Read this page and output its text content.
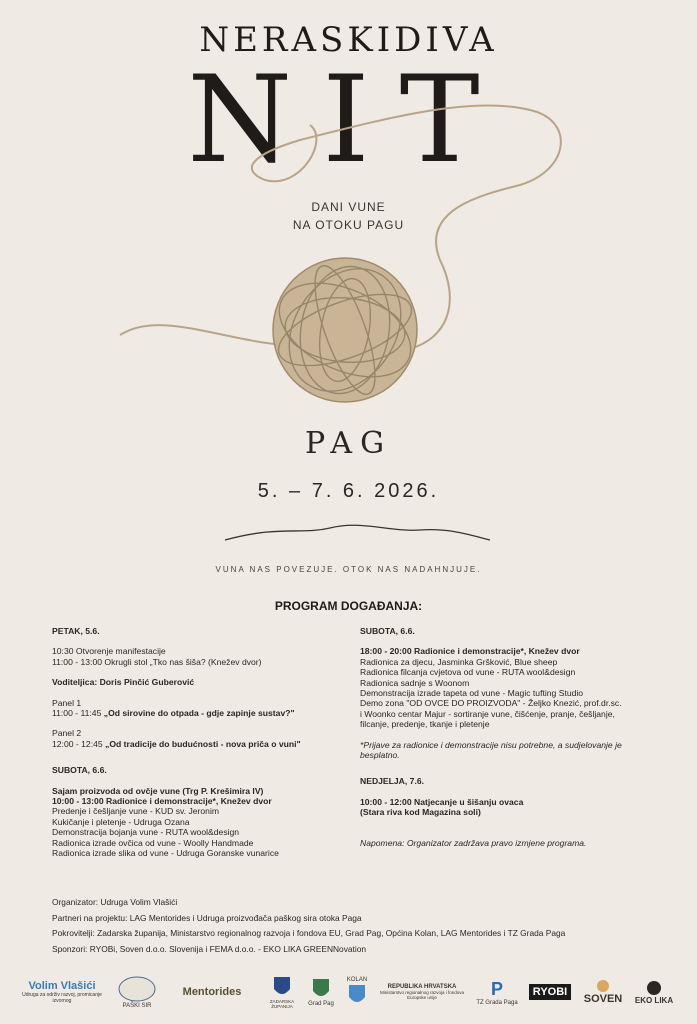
NERASKIDIVA
NIT
DANI VUNE
NA OTOKU PAGU
PAG
5. – 7. 6. 2026.
VUNA NAS POVEZUJE. OTOK NAS NADAHNJUJE.
PROGRAM DOGAĐANJA:
PETAK, 5.6.
10:30 Otvorenje manifestacije
11:00 - 13:00 Okrugli stol „Tko nas šiša? (Knežev dvor)
Voditeljica: Doris Pinčić Guberović
Panel 1
11:00 - 11:45 „Od sirovine do otpada - gdje zapinje sustav?"
Panel 2
12:00 - 12:45 „Od tradicije do budućnosti - nova priča o vuni"
SUBOTA, 6.6.
Sajam proizvoda od ovčje vune (Trg P. Krešimira IV)
10:00 - 13:00 Radionice i demonstracije*, Knežev dvor
Predenje i češljanje vune - KUD sv. Jeronim
Kukičanje i pletenje - Udruga Ozana
Demonstracija bojanja vune - RUTA wool&design
Radionica izrade ovčica od vune - Woolly Handmade
Radionica izrade slika od vune - Udruga Goranske vunarice
SUBOTA, 6.6.
18:00 - 20:00 Radionice i demonstracije*, Knežev dvor
Radionica za djecu, Jasminka Gršković, Blue sheep
Radionica filcanja cvjetova od vune - RUTA wool&design
Radionica sadnje s Woonom
Demonstracija izrade tapeta od vune - Magic tufting Studio
Demo zona "OD OVCE DO PROIZVODA" - Željko Knezić, prof.dr.sc.
i Woonko centar Majur - sortiranje vune, čišćenje, pranje, češljanje,
filcanje, predenje, tkanje i pletenje
*Prijave za radionice i demonstracije nisu potrebne, a sudjelovanje je
besplatno.
NEDJELJA, 7.6.
10:00 - 12:00 Natjecanje u šišanju ovaca
(Stara riva kod Magazina soli)
Napomena: Organizator zadržava pravo izmjene programa.
Organizator: Udruga Volim Vlašići
Partneri na projektu: LAG Mentorides i Udruga proizvođača paškog sira otoka Paga
Pokrovitelji: Zadarska županija, Ministarstvo regionalnog razvoja i fondova EU, Grad Pag, Općina Kolan, LAG Mentorides i TZ Grada Paga
Sponzori: RYOBi, Soven d.o.o. Slovenija i FEMA d.o.o. - EKO LIKA GREENNovation
Volim Vlašići
Udruga za održiv razvoj, promicanje izvornog
PAŠKI SIR
Mentorides
ZADARSKA ŽUPANIJA	Grad Pag
KOLAN
REPUBLIKA HRVATSKA
Ministarstvo regionalnog razvoja i fondova Europske unije	P
TZ Grada Paga
RYOBI
SOVEN EKO LIKA
